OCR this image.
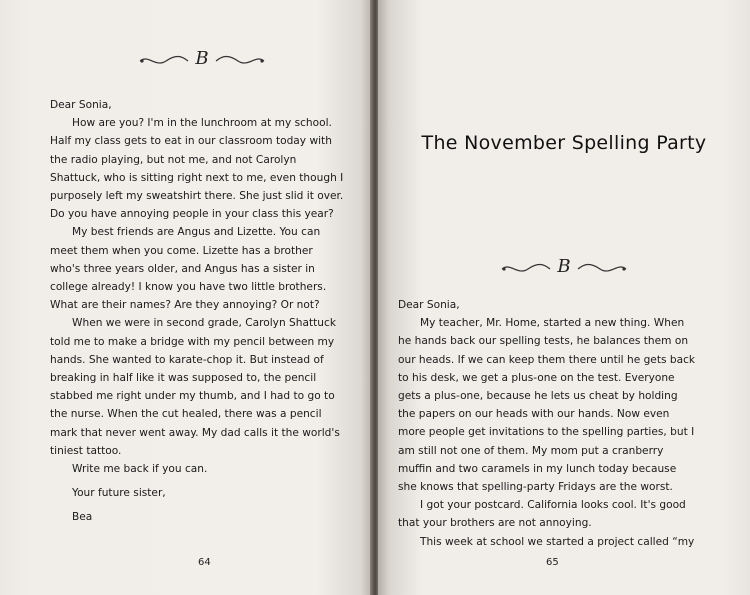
B

Dear Sonia,

How are you? I'm in the lunchroom at my school. Half my class gets to eat in our classroom today with the radio playing, but not me, and not Carolyn Shattuck, who is sitting right next to me, even though I purposely left my sweatshirt there. She just slid it over. Do you have annoying people in your class this year?

My best friends are Angus and Lizette. You can meet them when you come. Lizette has a brother who's three years older, and Angus has a sister in college already! I know you have two little brothers. What are their names? Are they annoying? Or not?

When we were in second grade, Carolyn Shattuck told me to make a bridge with my pencil between my hands. She wanted to karate-chop it. But instead of breaking in half like it was supposed to, the pencil stabbed me right under my thumb, and I had to go to the nurse. When the cut healed, there was a pencil mark that never went away. My dad calls it the world's tiniest tattoo.

Write me back if you can.

Your future sister,

Bea

64
The November Spelling Party
B

Dear Sonia,

My teacher, Mr. Home, started a new thing. When he hands back our spelling tests, he balances them on our heads. If we can keep them there until he gets back to his desk, we get a plus-one on the test. Everyone gets a plus-one, because he lets us cheat by holding the papers on our heads with our hands. Now even more people get invitations to the spelling parties, but I am still not one of them. My mom put a cranberry muffin and two caramels in my lunch today because she knows that spelling-party Fridays are the worst.

I got your postcard. California looks cool. It's good that your brothers are not annoying.

This week at school we started a project called “my

65
